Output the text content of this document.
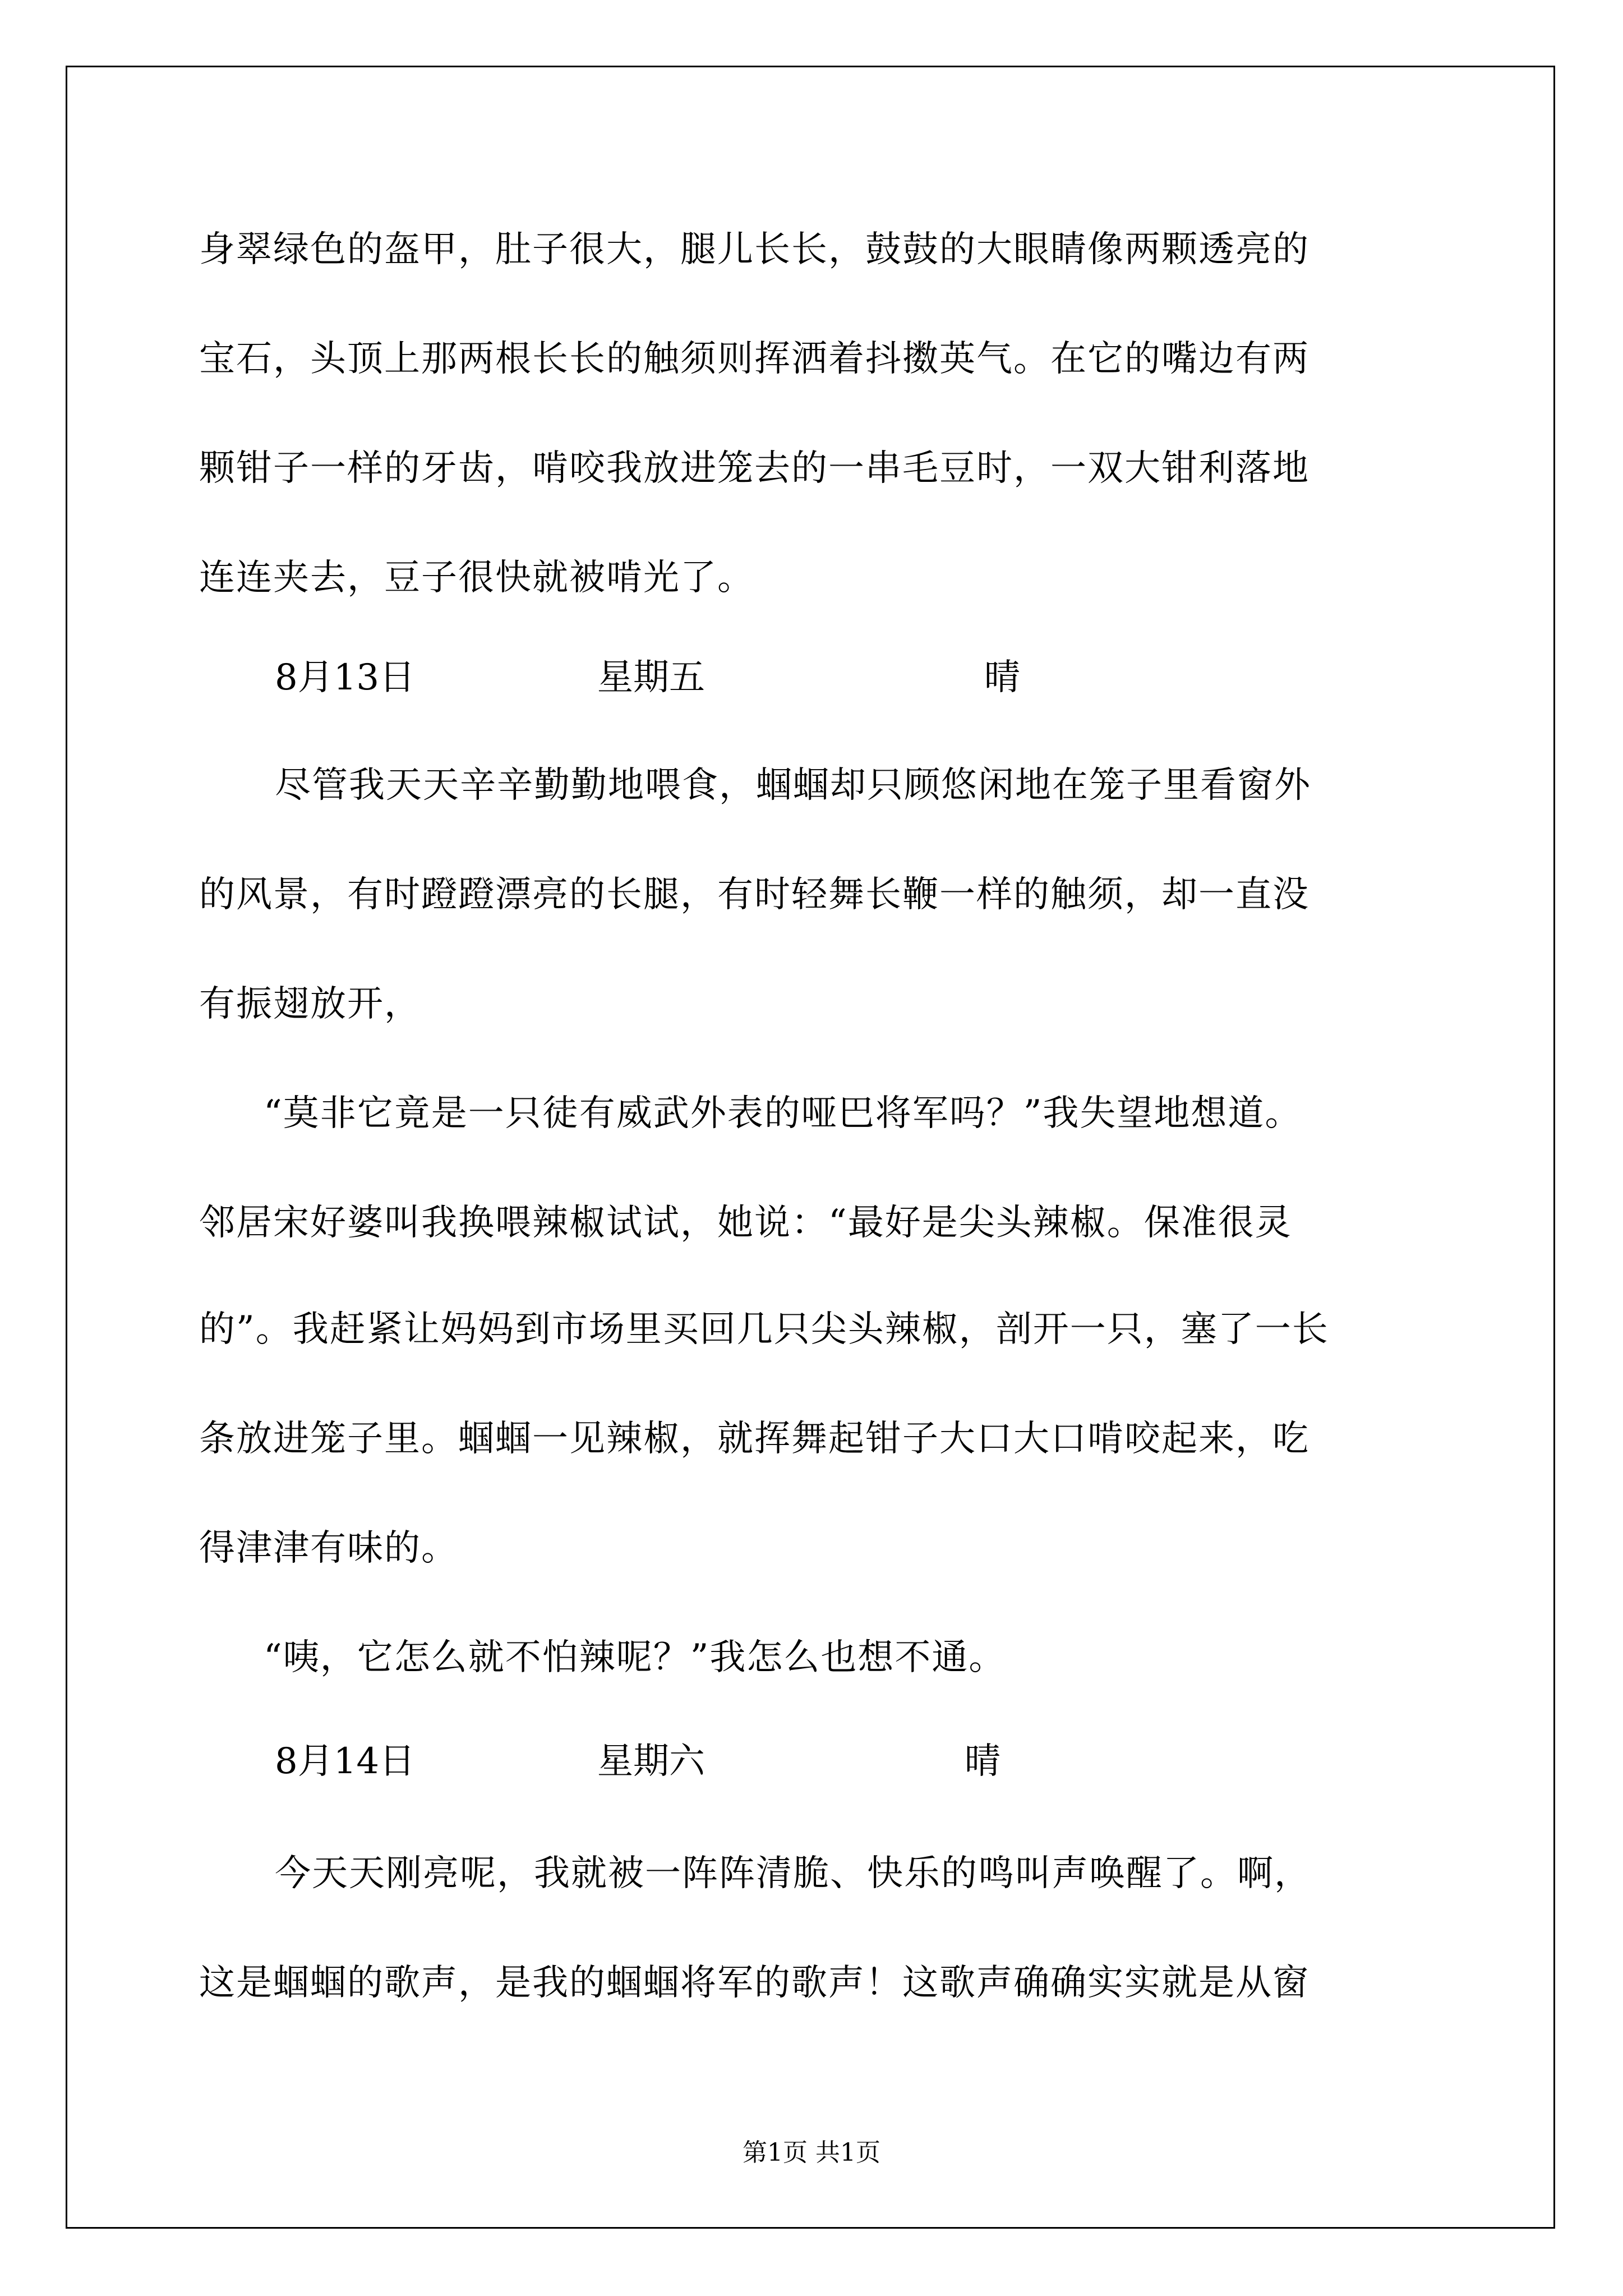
身翠绿色的盔甲，肚子很大，腿儿长长，鼓鼓的大眼睛像两颗透亮的
宝石，头顶上那两根长长的触须则挥洒着抖擞英气。在它的嘴边有两
颗钳子一样的牙齿，啃咬我放进笼去的一串毛豆时，一双大钳利落地
连连夹去，豆子很快就被啃光了。
8月13日	星期五	晴
尽管我天天辛辛勤勤地喂食，蝈蝈却只顾悠闲地在笼子里看窗外
的风景，有时蹬蹬漂亮的长腿，有时轻舞长鞭一样的触须，却一直没
有振翅放开，
“莫非它竟是一只徒有威武外表的哑巴将军吗？”我失望地想道。
邻居宋好婆叫我换喂辣椒试试，她说：“最好是尖头辣椒。保准很灵
的”。我赶紧让妈妈到市场里买回几只尖头辣椒，剖开一只，塞了一长
条放进笼子里。蝈蝈一见辣椒，就挥舞起钳子大口大口啃咬起来，吃
得津津有味的。
“咦，它怎么就不怕辣呢？”我怎么也想不通。
8月14日	星期六	晴
今天天刚亮呢，我就被一阵阵清脆、快乐的鸣叫声唤醒了。啊，
这是蝈蝈的歌声，是我的蝈蝈将军的歌声！这歌声确确实实就是从窗
第1页 共1页
